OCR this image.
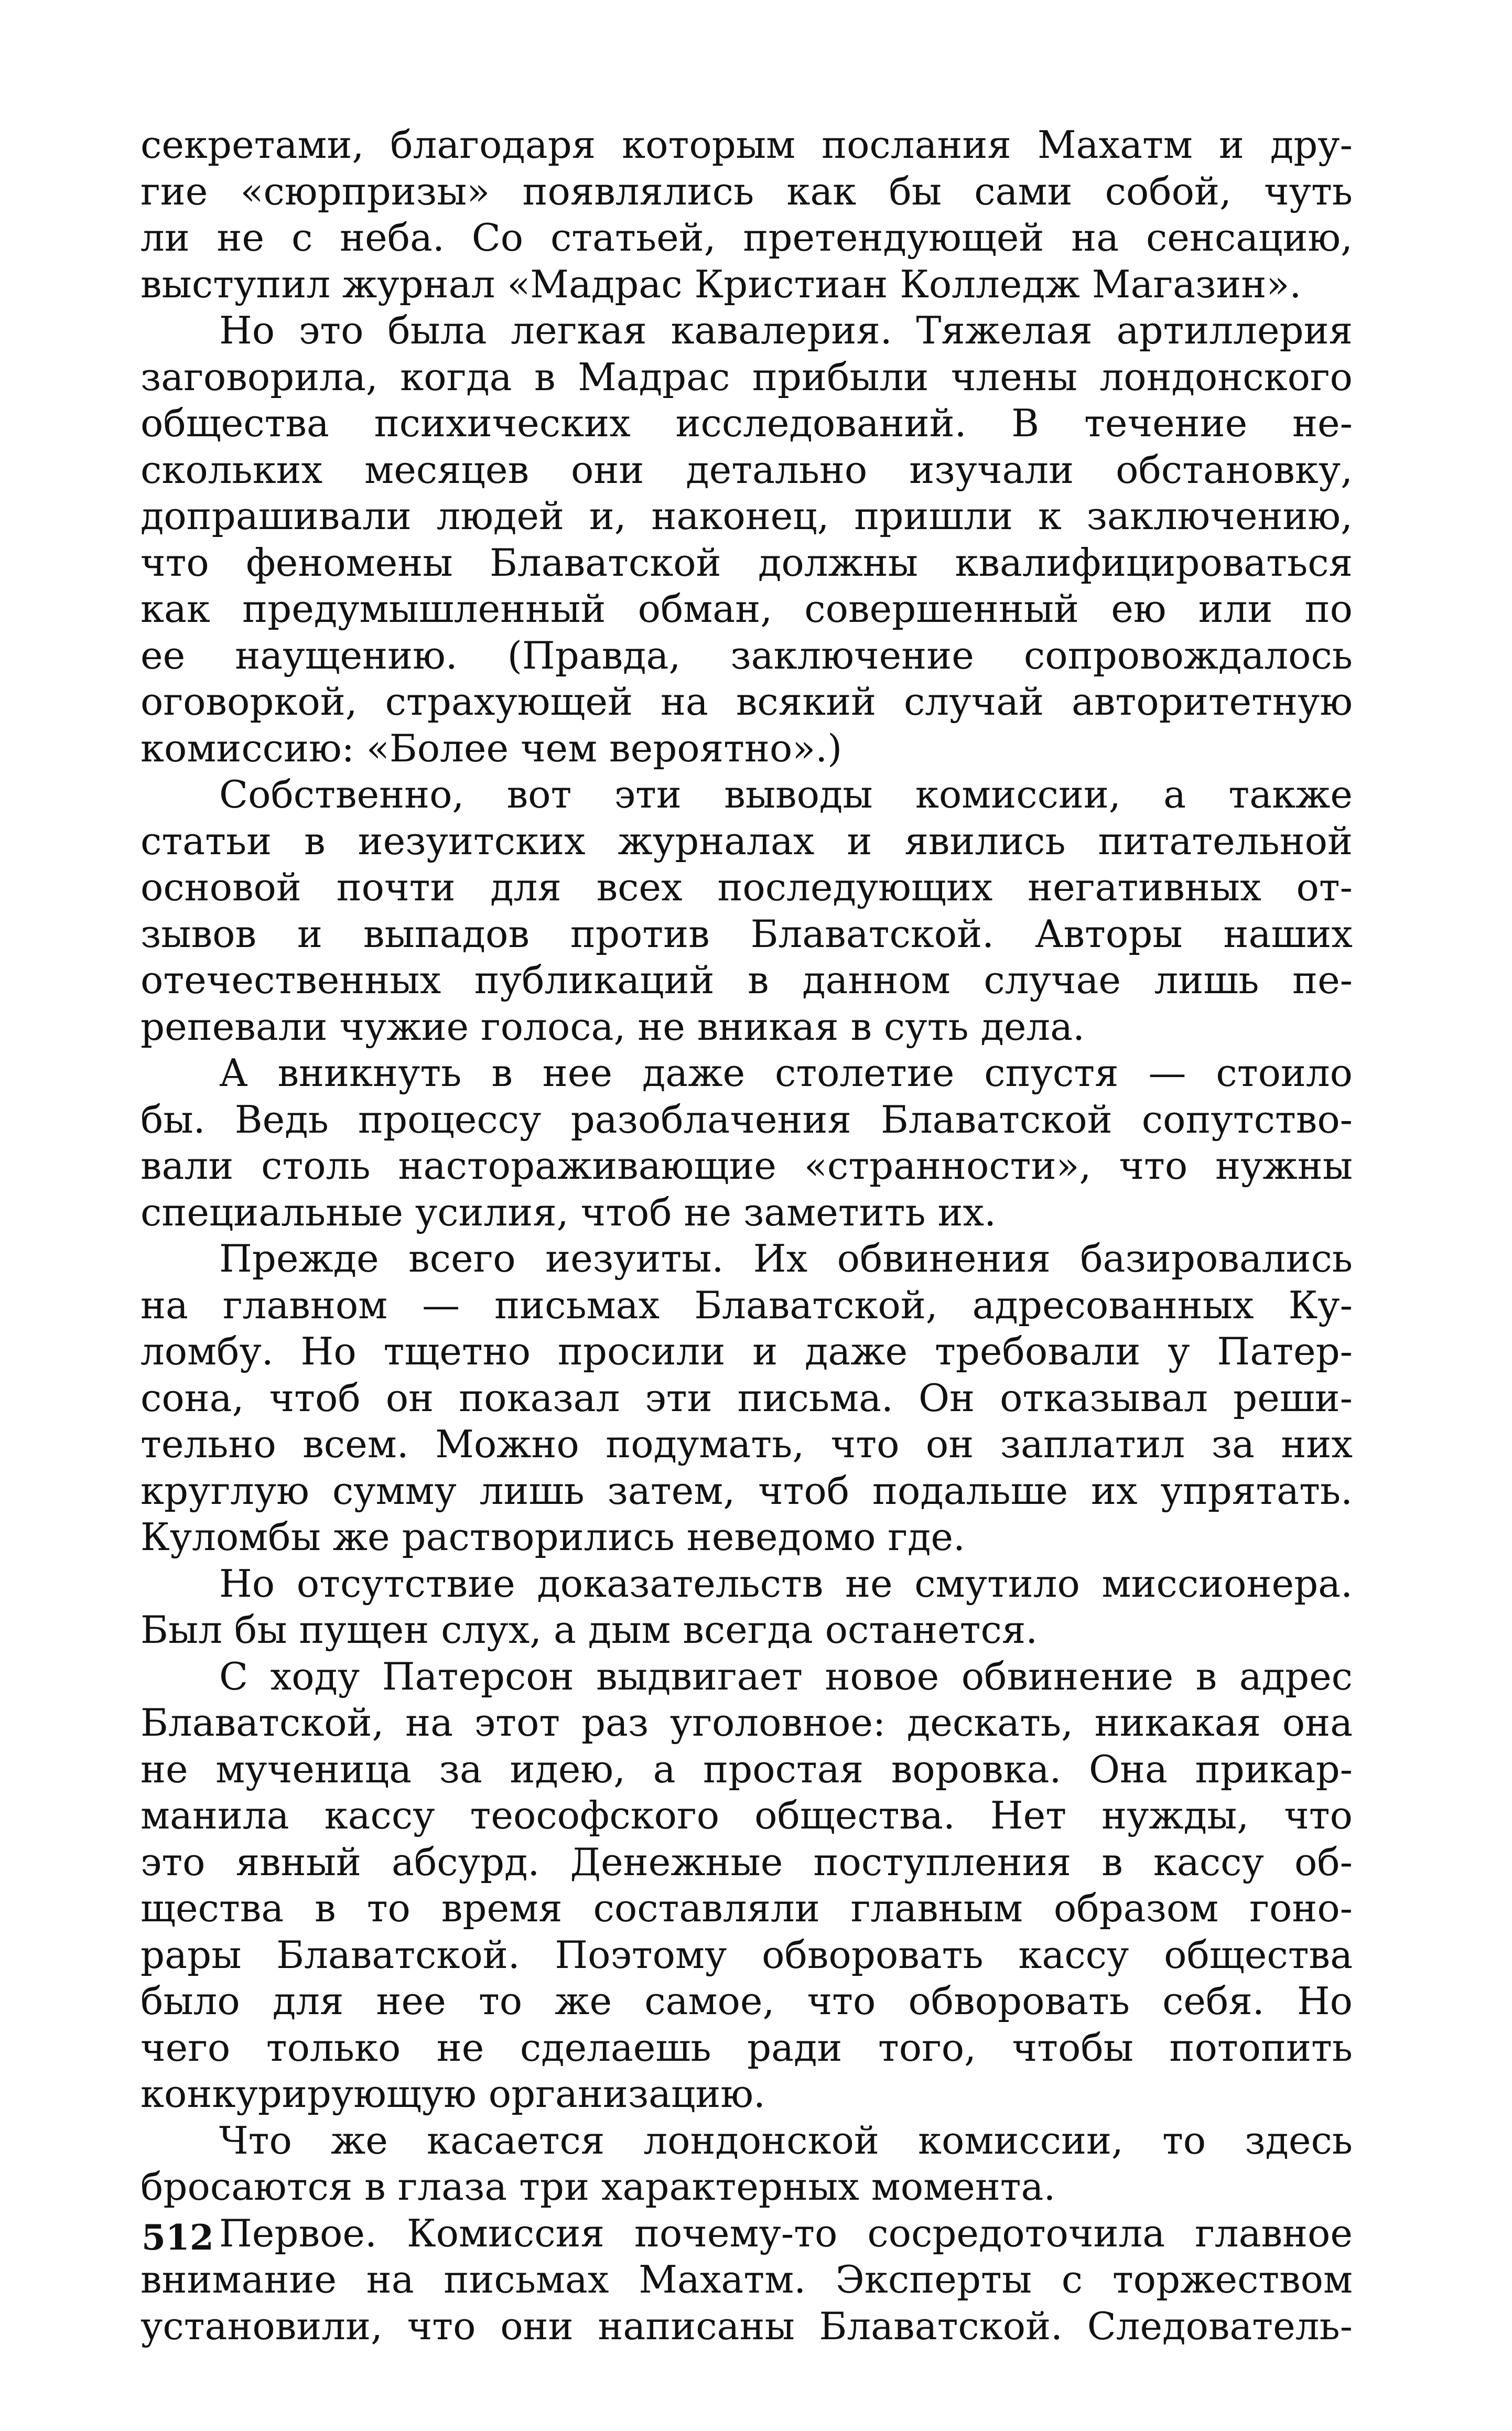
секретами, благодаря которым послания Махатм и дру-
гие «сюрпризы» появлялись как бы сами собой, чуть
ли не с неба. Со статьей, претендующей на сенсацию,
выступил журнал «Мадрас Кристиан Колледж Магазин».
Но это была легкая кавалерия. Тяжелая артиллерия
заговорила, когда в Мадрас прибыли члены лондонского
общества психических исследований. В течение не-
скольких месяцев они детально изучали обстановку,
допрашивали людей и, наконец, пришли к заключению,
что феномены Блаватской должны квалифицироваться
как предумышленный обман, совершенный ею или по
ее наущению. (Правда, заключение сопровождалось
оговоркой, страхующей на всякий случай авторитетную
комиссию: «Более чем вероятно».)
Собственно, вот эти выводы комиссии, а также
статьи в иезуитских журналах и явились питательной
основой почти для всех последующих негативных от-
зывов и выпадов против Блаватской. Авторы наших
отечественных публикаций в данном случае лишь пе-
репевали чужие голоса, не вникая в суть дела.
А вникнуть в нее даже столетие спустя — стоило
бы. Ведь процессу разоблачения Блаватской сопутство-
вали столь настораживающие «странности», что нужны
специальные усилия, чтоб не заметить их.
Прежде всего иезуиты. Их обвинения базировались
на главном — письмах Блаватской, адресованных Ку-
ломбу. Но тщетно просили и даже требовали у Патер-
сона, чтоб он показал эти письма. Он отказывал реши-
тельно всем. Можно подумать, что он заплатил за них
круглую сумму лишь затем, чтоб подальше их упрятать.
Куломбы же растворились неведомо где.
Но отсутствие доказательств не смутило миссионера.
Был бы пущен слух, а дым всегда останется.
С ходу Патерсон выдвигает новое обвинение в адрес
Блаватской, на этот раз уголовное: дескать, никакая она
не мученица за идею, а простая воровка. Она прикар-
манила кассу теософского общества. Нет нужды, что
это явный абсурд. Денежные поступления в кассу об-
щества в то время составляли главным образом гоно-
рары Блаватской. Поэтому обворовать кассу общества
было для нее то же самое, что обворовать себя. Но
чего только не сделаешь ради того, чтобы потопить
конкурирующую организацию.
Что же касается лондонской комиссии, то здесь
бросаются в глаза три характерных момента.
Первое. Комиссия почему-то сосредоточила главное
внимание на письмах Махатм. Эксперты с торжеством
установили, что они написаны Блаватской. Следователь-
512
